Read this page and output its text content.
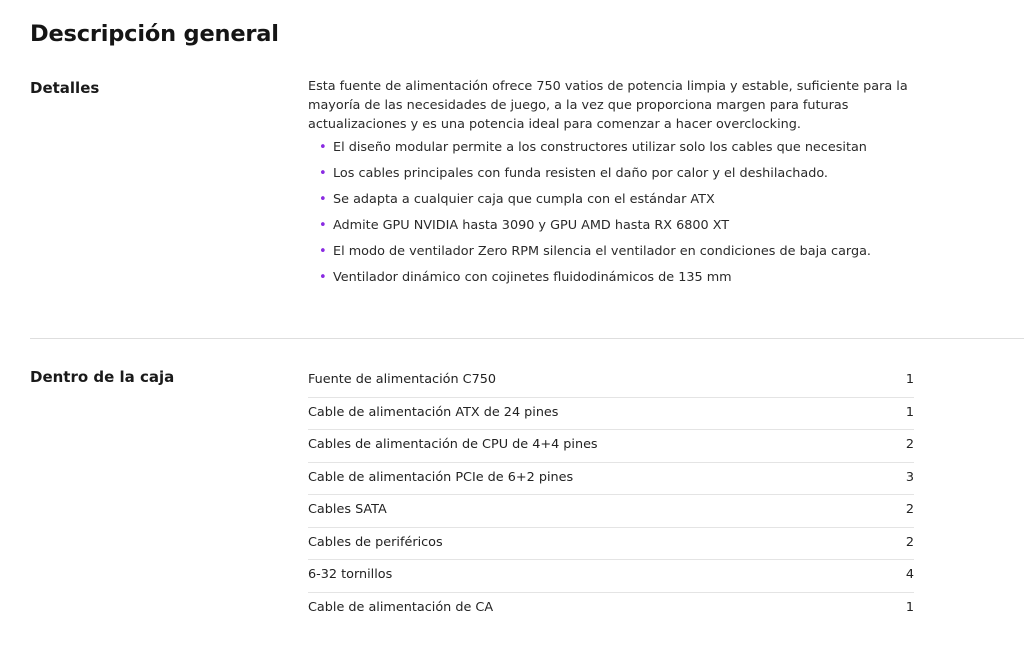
Descripción general
Detalles	Esta fuente de alimentación ofrece 750 vatios de potencia limpia y estable, suficiente para la mayoría de las necesidades de juego, a la vez que proporciona margen para futuras actualizaciones y es una potencia ideal para comenzar a hacer overclocking.

• El diseño modular permite a los constructores utilizar solo los cables que necesitan
• Los cables principales con funda resisten el daño por calor y el deshilachado.
• Se adapta a cualquier caja que cumpla con el estándar ATX
• Admite GPU NVIDIA hasta 3090 y GPU AMD hasta RX 6800 XT
• El modo de ventilador Zero RPM silencia el ventilador en condiciones de baja carga.
• Ventilador dinámico con cojinetes fluidodinámicos de 135 mm
Dentro de la caja	Fuente de alimentación C750	1
Cable de alimentación ATX de 24 pines	1
Cables de alimentación de CPU de 4+4 pines	2
Cable de alimentación PCIe de 6+2 pines	3
Cables SATA	2
Cables de periféricos	2
6-32 tornillos	4
Cable de alimentación de CA	1
